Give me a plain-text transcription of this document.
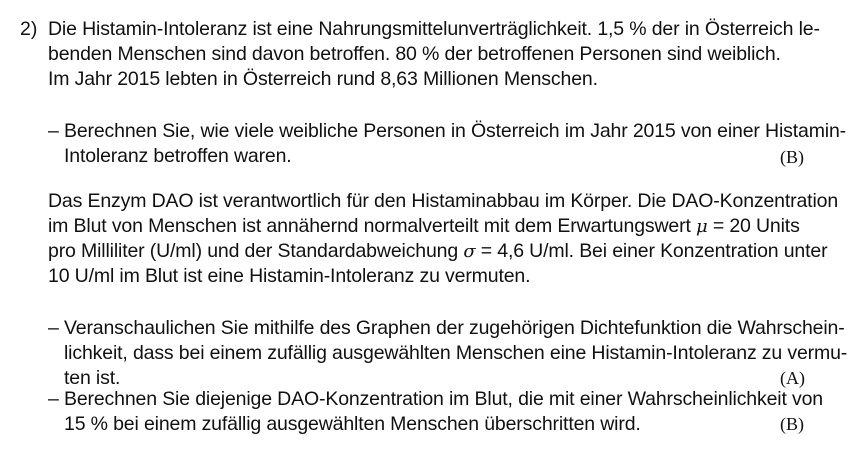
2) Die Histamin-Intoleranz ist eine Nahrungsmittelunverträglichkeit. 1,5 % der in Österreich le-
benden Menschen sind davon betroffen. 80 % der betroffenen Personen sind weiblich.
Im Jahr 2015 lebten in Österreich rund 8,63 Millionen Menschen.
– Berechnen Sie, wie viele weibliche Personen in Österreich im Jahr 2015 von einer Histamin-
Intoleranz betroffen waren.	(B)
Das Enzym DAO ist verantwortlich für den Histaminabbau im Körper. Die DAO-Konzentration
im Blut von Menschen ist annähernd normalverteilt mit dem Erwartungswert μ = 20 Units
pro Milliliter (U/ml) und der Standardabweichung σ = 4,6 U/ml. Bei einer Konzentration unter
10 U/ml im Blut ist eine Histamin-Intoleranz zu vermuten.
– Veranschaulichen Sie mithilfe des Graphen der zugehörigen Dichtefunktion die Wahrschein-
lichkeit, dass bei einem zufällig ausgewählten Menschen eine Histamin-Intoleranz zu vermu-
ten ist.	(A)
– Berechnen Sie diejenige DAO-Konzentration im Blut, die mit einer Wahrscheinlichkeit von
15 % bei einem zufällig ausgewählten Menschen überschritten wird.	(B)
